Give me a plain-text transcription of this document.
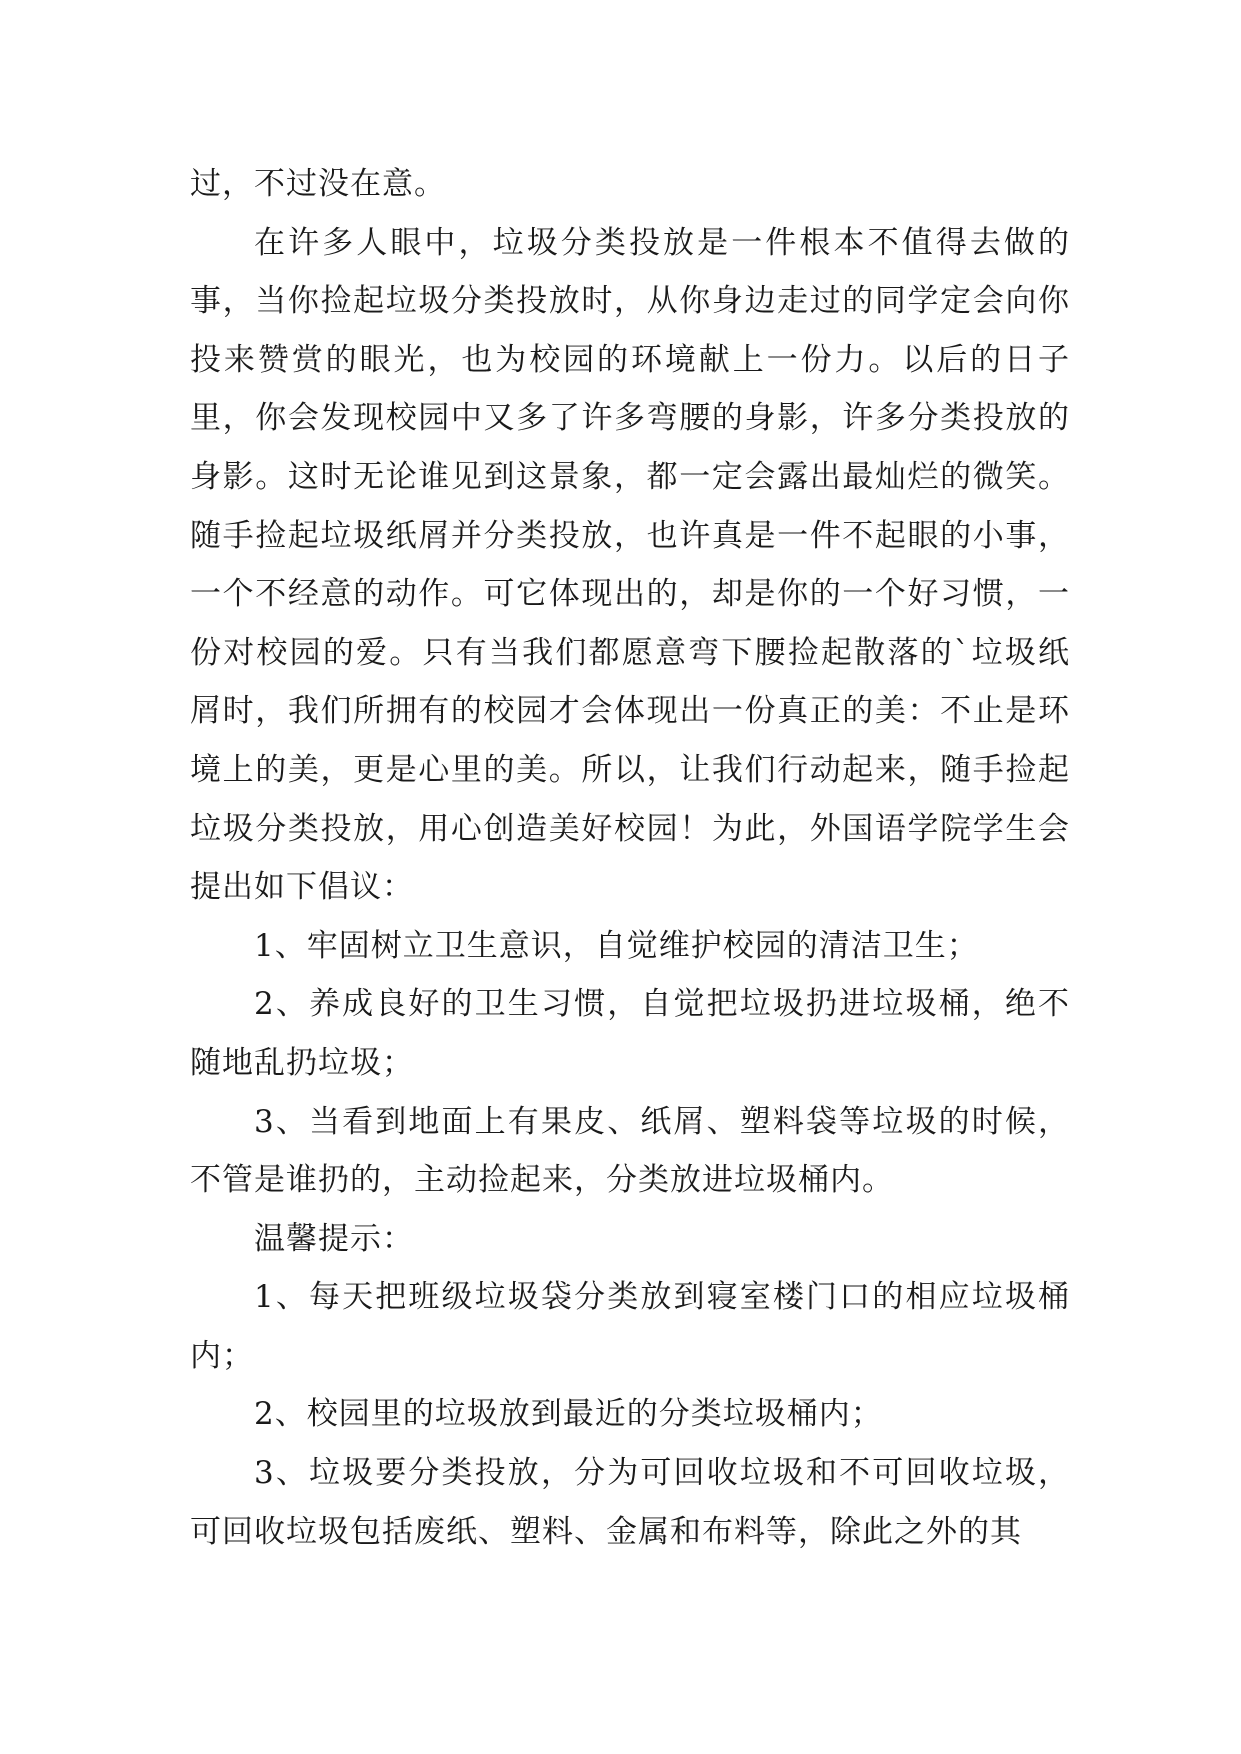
过，不过没在意。

在许多人眼中，垃圾分类投放是一件根本不值得去做的事，当你捡起垃圾分类投放时，从你身边走过的同学定会向你投来赞赏的眼光，也为校园的环境献上一份力。以后的日子里，你会发现校园中又多了许多弯腰的身影，许多分类投放的身影。这时无论谁见到这景象，都一定会露出最灿烂的微笑。随手捡起垃圾纸屑并分类投放，也许真是一件不起眼的小事，一个不经意的动作。可它体现出的，却是你的一个好习惯，一份对校园的爱。只有当我们都愿意弯下腰捡起散落的`垃圾纸屑时，我们所拥有的校园才会体现出一份真正的美：不止是环境上的美，更是心里的美。所以，让我们行动起来，随手捡起垃圾分类投放，用心创造美好校园！为此，外国语学院学生会提出如下倡议：

1、牢固树立卫生意识，自觉维护校园的清洁卫生；

2、养成良好的卫生习惯，自觉把垃圾扔进垃圾桶，绝不随地乱扔垃圾；

3、当看到地面上有果皮、纸屑、塑料袋等垃圾的时候，不管是谁扔的，主动捡起来，分类放进垃圾桶内。

温馨提示：

1、每天把班级垃圾袋分类放到寝室楼门口的相应垃圾桶内；

2、校园里的垃圾放到最近的分类垃圾桶内；

3、垃圾要分类投放，分为可回收垃圾和不可回收垃圾，可回收垃圾包括废纸、塑料、金属和布料等，除此之外的其
